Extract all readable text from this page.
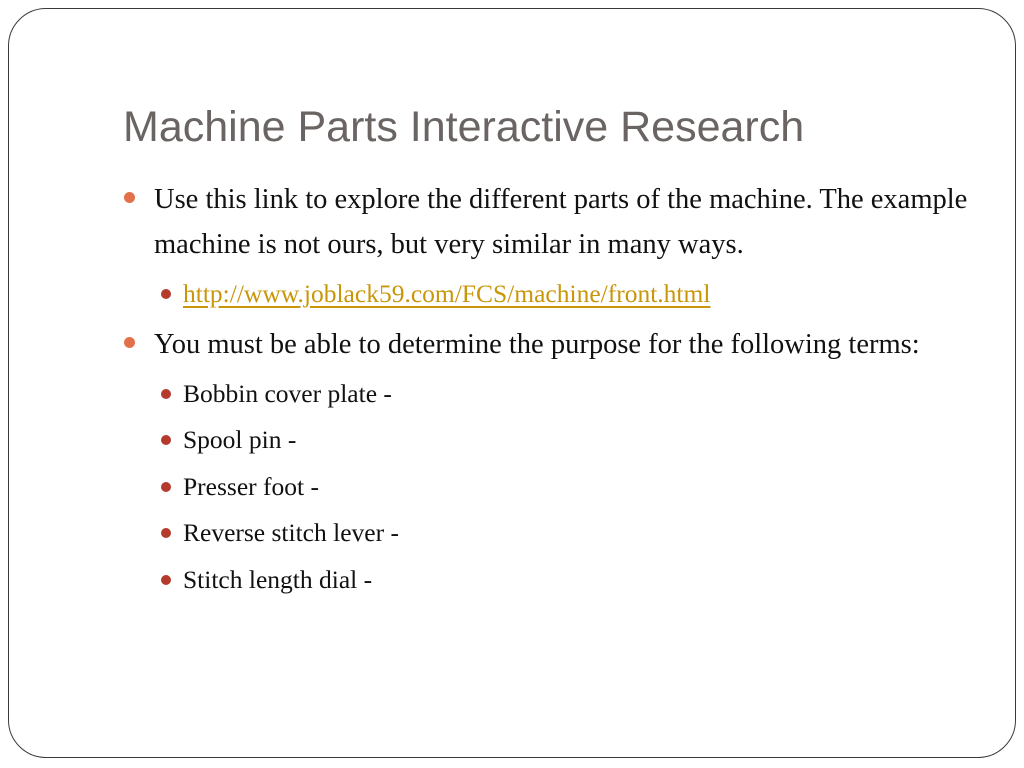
Machine Parts Interactive Research
Use this link to explore the different parts of the machine. The example machine is not ours, but very similar in many ways.
http://www.joblack59.com/FCS/machine/front.html
You must be able to determine the purpose for the following terms:
Bobbin cover plate -
Spool pin -
Presser foot -
Reverse stitch lever -
Stitch length dial -
